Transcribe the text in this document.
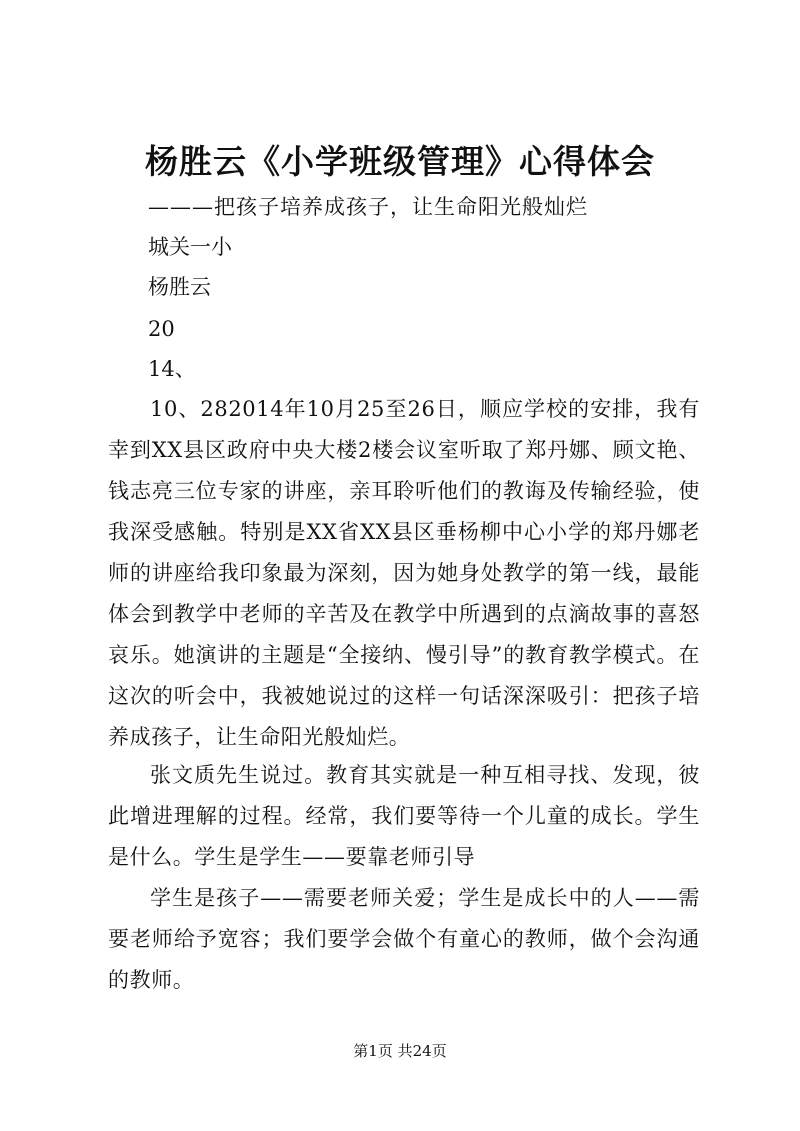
杨胜云《小学班级管理》心得体会
———把孩子培养成孩子，让生命阳光般灿烂
城关一小
杨胜云
20
14、

10、282014年10月25至26日，顺应学校的安排，我有幸到XX县区政府中央大楼2楼会议室听取了郑丹娜、顾文艳、钱志亮三位专家的讲座，亲耳聆听他们的教诲及传输经验，使我深受感触。特别是XX省XX县区垂杨柳中心小学的郑丹娜老师的讲座给我印象最为深刻，因为她身处教学的第一线，最能体会到教学中老师的辛苦及在教学中所遇到的点滴故事的喜怒哀乐。她演讲的主题是“全接纳、慢引导”的教育教学模式。在这次的听会中，我被她说过的这样一句话深深吸引：把孩子培养成孩子，让生命阳光般灿烂。

张文质先生说过。教育其实就是一种互相寻找、发现，彼此增进理解的过程。经常，我们要等待一个儿童的成长。学生是什么。学生是学生——要靠老师引导

学生是孩子——需要老师关爱；学生是成长中的人——需要老师给予宽容；我们要学会做个有童心的教师，做个会沟通的教师。

第1页 共24页
